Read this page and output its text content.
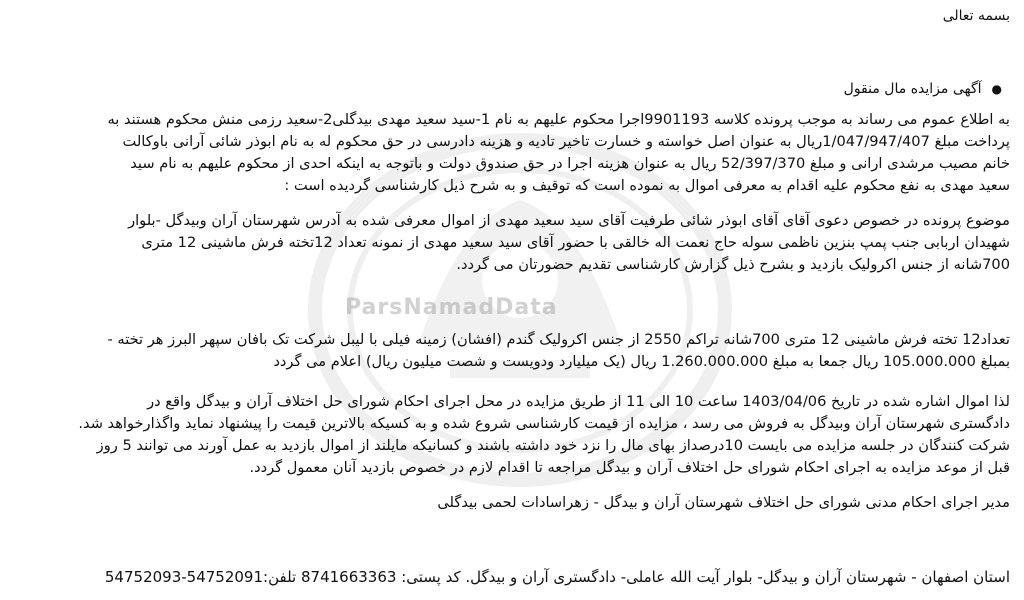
ParsNamadData
بسمه تعالی
●آگهی مزایده مال منقول
به اطلاع عموم می رساند به موجب پرونده کلاسه 9901193اجرا محکوم علیهم به نام 1-سید سعید مهدی بیدگلی2-سعید رزمی منش محکوم هستند به
پرداخت مبلغ 1/047/947/407ریال به عنوان اصل خواسته و خسارت تاخیر تادیه و هزینه دادرسی در حق محکوم له به نام ابوذر شائی آرانی باوکالت
خانم مصیب مرشدی ارانی و مبلغ 52/397/370 ریال به عنوان هزینه اجرا در حق صندوق دولت و باتوجه به اینکه احدی از محکوم علیهم به نام سید
سعید مهدی به نفع محکوم علیه اقدام به معرفی اموال به نموده است که توقیف و به شرح ذیل کارشناسی گردیده است :
موضوع پرونده در خصوص دعوی آقای آقای ابوذر شائی طرفیت آقای سید سعید مهدی از اموال معرفی شده به آدرس شهرستان آران وبیدگل -بلوار
شهیدان اربابی جنب پمپ بنزین ناظمی سوله حاج نعمت اله خالقی با حضور آقای سید سعید مهدی از نمونه تعداد 12تخته فرش ماشینی 12 متری
700شانه از جنس اکرولیک بازدید و بشرح ذیل گزارش کارشناسی تقدیم حضورتان می گردد.
تعداد12 تخته فرش ماشینی 12 متری 700شانه تراکم 2550 از جنس اکرولیک گندم (افشان) زمینه فیلی با لیبل شرکت تک بافان سپهر البرز هر تخته -
بمبلغ 105.000.000 ریال جمعا به مبلغ 1.260.000.000 ریال (یک میلیارد ودویست و شصت میلیون ریال) اعلام می گردد
لذا اموال اشاره شده در تاریخ 1403/04/06 ساعت 10 الی 11 از طریق مزایده در محل اجرای احکام شورای حل اختلاف آران و بیدگل واقع در
دادگستری شهرستان آران وبیدگل به فروش می رسد ، مزایده از قیمت کارشناسی شروع شده و به کسیکه بالاترین قیمت را پیشنهاد نماید واگذارخواهد شد.
شرکت کنندگان در جلسه مزایده می بایست 10درصداز بهای مال را نزد خود داشته باشند و کسانیکه مایلند از اموال بازدید به عمل آورند می توانند 5 روز
قبل از موعد مزایده به اجرای احکام شورای حل اختلاف آران و بیدگل مراجعه تا اقدام لازم در خصوص بازدید آنان معمول گردد.
مدیر اجرای احکام مدنی شورای حل اختلاف شهرستان آران و بیدگل - زهراسادات لحمی بیدگلی
استان اصفهان - شهرستان آران و بیدگل- بلوار آیت الله عاملی- دادگستری آران و بیدگل. کد پستی: 8741663363 تلفن:54752091-54752093
